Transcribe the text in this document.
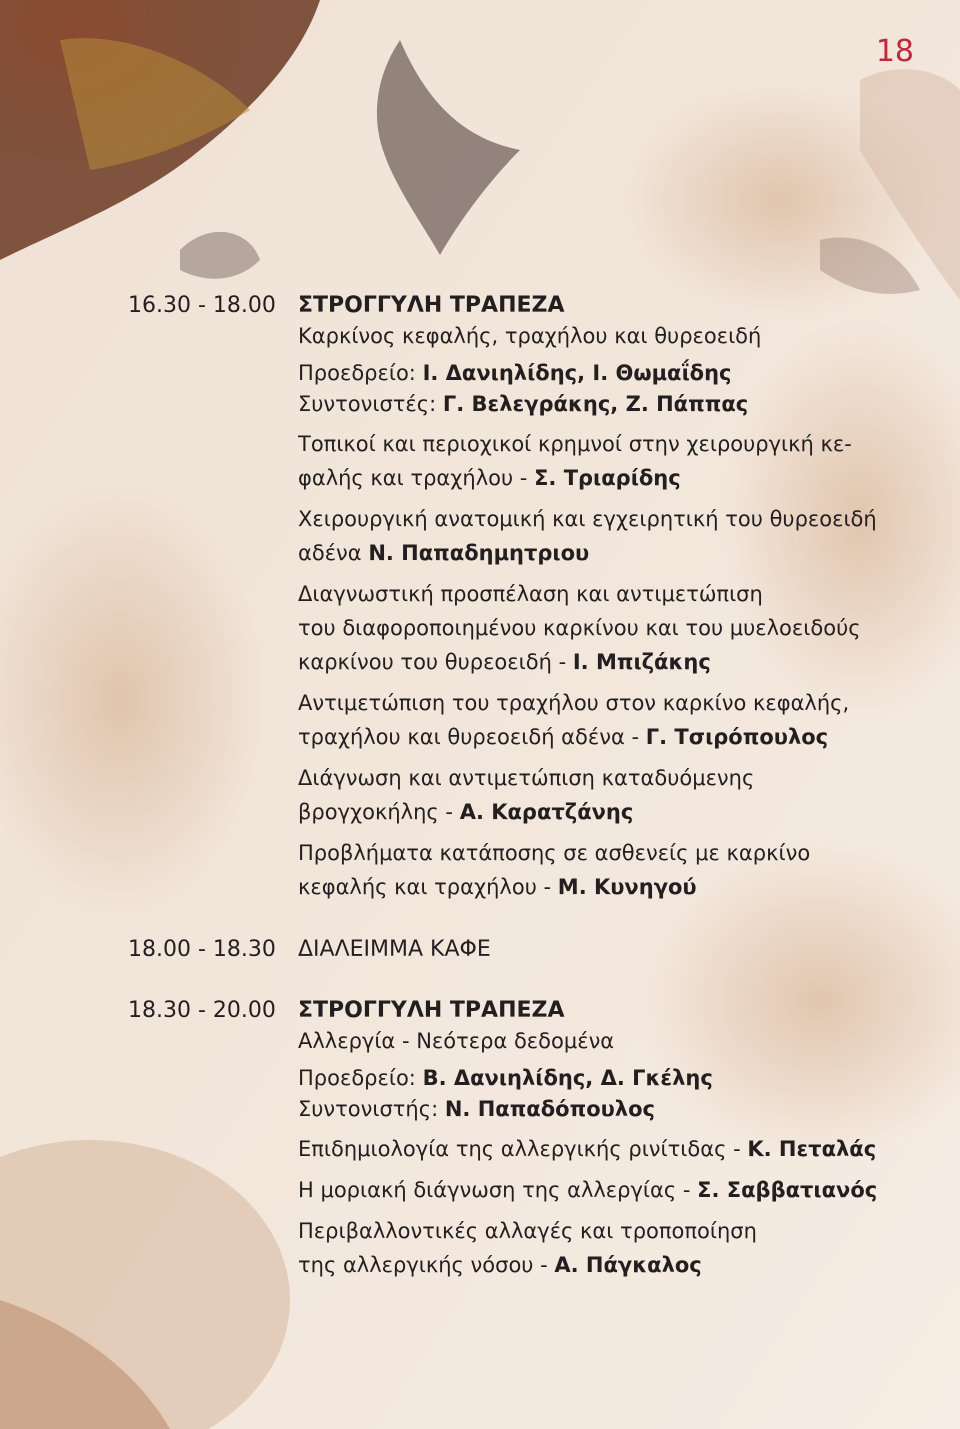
18
16.30 - 18.00	ΣΤΡΟΓΓΥΛΗ ΤΡΑΠΕΖΑ
Καρκίνος κεφαλής, τραχήλου και θυρεοειδή
Προεδρείο: Ι. Δανιηλίδης, Ι. Θωμαΐδης
Συντονιστές: Γ. Βελεγράκης, Ζ. Πάππας
Τοπικοί και περιοχικοί κρημνοί στην χειρουργική κε-
φαλής και τραχήλου - Σ. Τριαρίδης
Χειρουργική ανατομική και εγχειρητική του θυρεοειδή
αδένα Ν. Παπαδημητριου
Διαγνωστική προσπέλαση και αντιμετώπιση
του διαφοροποιημένου καρκίνου και του μυελοειδούς
καρκίνου του θυρεοειδή - Ι. Μπιζάκης
Αντιμετώπιση του τραχήλου στον καρκίνο κεφαλής,
τραχήλου και θυρεοειδή αδένα - Γ. Τσιρόπουλος
Διάγνωση και αντιμετώπιση καταδυόμενης
βρογχοκήλης - Α. Καρατζάνης
Προβλήματα κατάποσης σε ασθενείς με καρκίνο
κεφαλής και τραχήλου - Μ. Κυνηγού
18.00 - 18.30	ΔΙΑΛΕΙΜΜΑ ΚΑΦΕ
18.30 - 20.00	ΣΤΡΟΓΓΥΛΗ ΤΡΑΠΕΖΑ
Αλλεργία - Νεότερα δεδομένα
Προεδρείο: Β. Δανιηλίδης, Δ. Γκέλης
Συντονιστής: Ν. Παπαδόπουλος
Επιδημιολογία της αλλεργικής ρινίτιδας - Κ. Πεταλάς
Η μοριακή διάγνωση της αλλεργίας - Σ. Σαββατιανός
Περιβαλλοντικές αλλαγές και τροποποίηση
της αλλεργικής νόσου - Α. Πάγκαλος
